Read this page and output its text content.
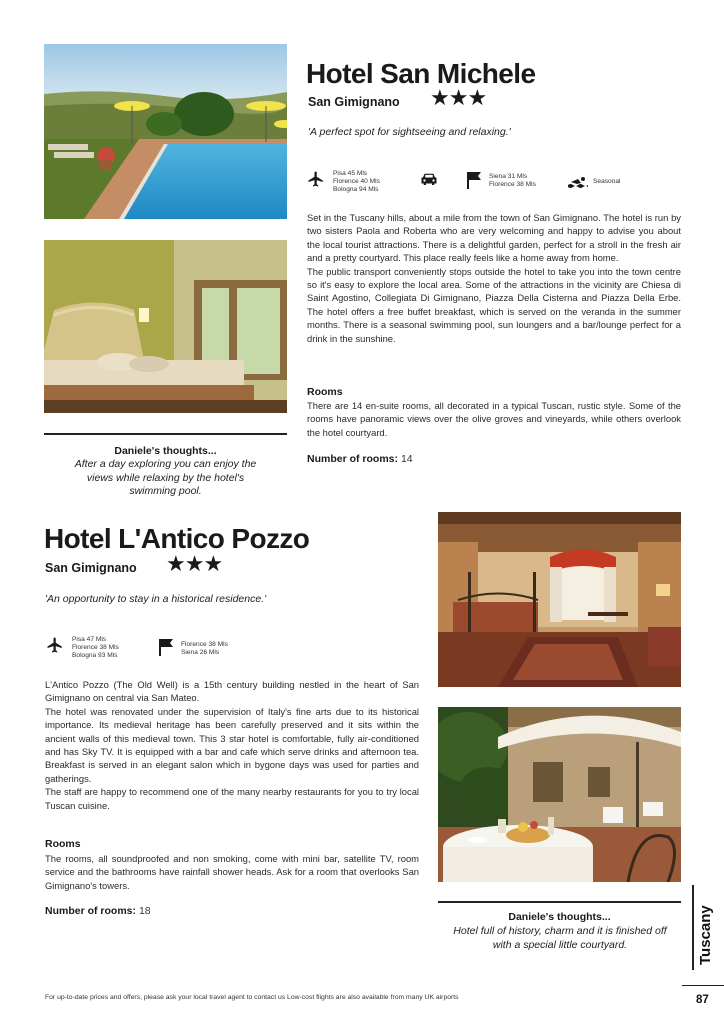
Hotel San Michele
San Gimignano ★★★
'A perfect spot for sightseeing and relaxing.'
Pisa 45 Mls
Florence 40 Mls
Bologna 94 Mls
Siena 31 Mls
Florence 38 Mls	Seasonal

Set in the Tuscany hills, about a mile from the town of San Gimignano. The hotel is run by two sisters Paola and Roberta who are very welcoming and happy to advise you about the local tourist attractions. There is a delightful garden, perfect for a stroll in the fresh air and a pretty courtyard. This place really feels like a home away from home.

The public transport conveniently stops outside the hotel to take you into the town centre so it's easy to explore the local area. Some of the attractions in the vicinity are Chiesa di Saint Agostino, Collegiata Di Gimignano, Piazza Della Cisterna and Piazza Della Erbe. The hotel offers a free buffet breakfast, which is served on the veranda in the summer months. There is a seasonal swimming pool, sun loungers and a bar/lounge perfect for a drink in the sunshine.

Rooms
There are 14 en-suite rooms, all decorated in a typical Tuscan, rustic style. Some of the rooms have panoramic views over the olive groves and vineyards, while others overlook the hotel courtyard.
Number of rooms: 14
Daniele's thoughts...
After a day exploring you can enjoy the views while relaxing by the hotel's swimming pool.
Hotel L'Antico Pozzo
San Gimignano ★★★
'An opportunity to stay in a historical residence.'
Pisa 47 Mls
Florence 38 Mls
Bologna 93 Mls
Florence 38 Mls
Siena 26 Mls

L'Antico Pozzo (The Old Well) is a 15th century building nestled in the heart of San Gimignano on central via San Mateo.

The hotel was renovated under the supervision of Italy's fine arts due to its historical importance. Its medieval heritage has been carefully preserved and it sits within the ancient walls of this medieval town. This 3 star hotel is comfortable, fully air-conditioned and has Sky TV. It is equipped with a bar and cafe which serve drinks and afternoon tea. Breakfast is served in an elegant salon which in bygone days was used for parties and gatherings.

The staff are happy to recommend one of the many nearby restaurants for you to try local Tuscan cuisine.

Rooms
The rooms, all soundproofed and non smoking, come with mini bar, satellite TV, room service and the bathrooms have rainfall shower heads. Ask for a room that overlooks San Gimignano's towers.
Number of rooms: 18	Daniele's thoughts...
Hotel full of history, charm and it is finished off with a special little courtyard.	Tuscany
For up-to-date prices and offers, please ask your local travel agent to contact us Low-cost flights are also available from many UK airports	87
